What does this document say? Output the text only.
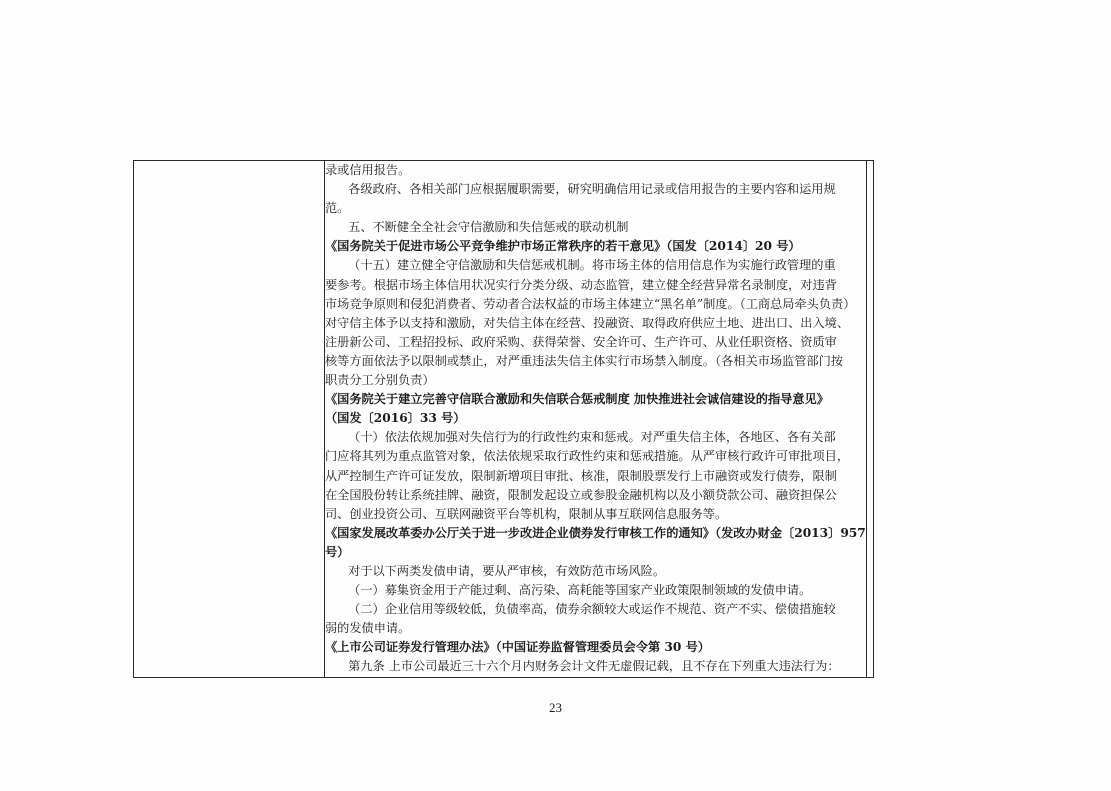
录或信用报告。
各级政府、各相关部门应根据履职需要，研究明确信用记录或信用报告的主要内容和运用规
范。
五、不断健全全社会守信激励和失信惩戒的联动机制
《国务院关于促进市场公平竞争维护市场正常秩序的若干意见》（国发〔2014〕20 号）
（十五）建立健全守信激励和失信惩戒机制。将市场主体的信用信息作为实施行政管理的重
要参考。根据市场主体信用状况实行分类分级、动态监管，建立健全经营异常名录制度，对违背
市场竞争原则和侵犯消费者、劳动者合法权益的市场主体建立“黑名单”制度。（工商总局牵头负责）
对守信主体予以支持和激励，对失信主体在经营、投融资、取得政府供应土地、进出口、出入境、
注册新公司、工程招投标、政府采购、获得荣誉、安全许可、生产许可、从业任职资格、资质审
核等方面依法予以限制或禁止，对严重违法失信主体实行市场禁入制度。（各相关市场监管部门按
职责分工分别负责）
《国务院关于建立完善守信联合激励和失信联合惩戒制度 加快推进社会诚信建设的指导意见》
（国发〔2016〕33 号）
（十）依法依规加强对失信行为的行政性约束和惩戒。对严重失信主体，各地区、各有关部
门应将其列为重点监管对象，依法依规采取行政性约束和惩戒措施。从严审核行政许可审批项目，
从严控制生产许可证发放，限制新增项目审批、核准，限制股票发行上市融资或发行债券，限制
在全国股份转让系统挂牌、融资，限制发起设立或参股金融机构以及小额贷款公司、融资担保公
司、创业投资公司、互联网融资平台等机构，限制从事互联网信息服务等。
《国家发展改革委办公厅关于进一步改进企业债券发行审核工作的通知》（发改办财金〔2013〕957
号）
对于以下两类发债申请，要从严审核，有效防范市场风险。
（一）募集资金用于产能过剩、高污染、高耗能等国家产业政策限制领域的发债申请。
（二）企业信用等级较低，负债率高，债券余额较大或运作不规范、资产不实、偿债措施较
弱的发债申请。
《上市公司证券发行管理办法》（中国证券监督管理委员会令第 30 号）
第九条 上市公司最近三十六个月内财务会计文件无虚假记载，且不存在下列重大违法行为：

23
